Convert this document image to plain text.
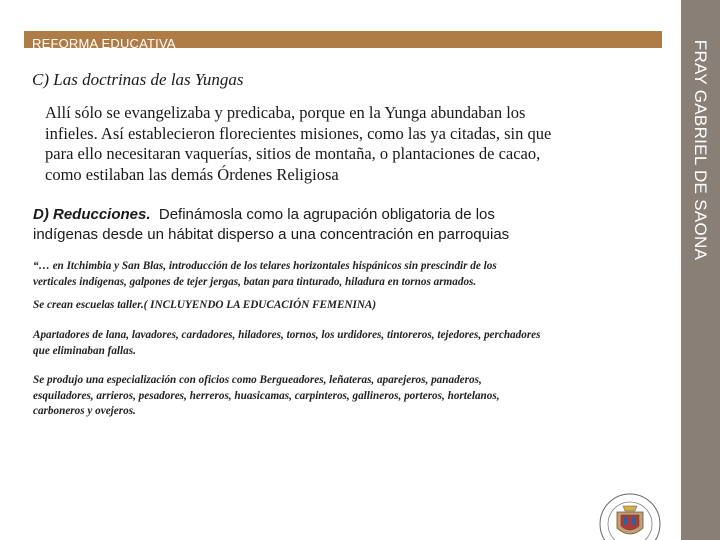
REFORMA EDUCATIVA	FRAY GABRIEL DE SAONA
C) Las doctrinas de las Yungas
Allí sólo se evangelizaba y predicaba, porque en la Yunga abundaban los
infieles. Así establecieron florecientes misiones, como las ya citadas, sin que
para ello necesitaran vaquerías, sitios de montaña, o plantaciones de cacao,
como estilaban las demás Órdenes Religiosa
D) Reducciones. Definámosla como la agrupación obligatoria de los
indígenas desde un hábitat disperso a una concentración en parroquias
“… en Itchimbia y San Blas, introducción de los telares horizontales hispánicos sin prescindir de los
verticales indígenas, galpones de tejer jergas, batan para tinturado, hiladura en tornos armados.
Se crean escuelas taller.( INCLUYENDO LA EDUCACIÓN FEMENINA)
Apartadores de lana, lavadores, cardadores, hiladores, tornos, los urdidores, tintoreros, tejedores, perchadores
que eliminaban fallas.
Se produjo una especialización con oficios como Bergueadores, leñateras, aparejeros, panaderos,
esquiladores, arrieros, pesadores, herreros, huasicamas, carpinteros, gallineros, porteros, hortelanos,
carboneros y ovejeros.
